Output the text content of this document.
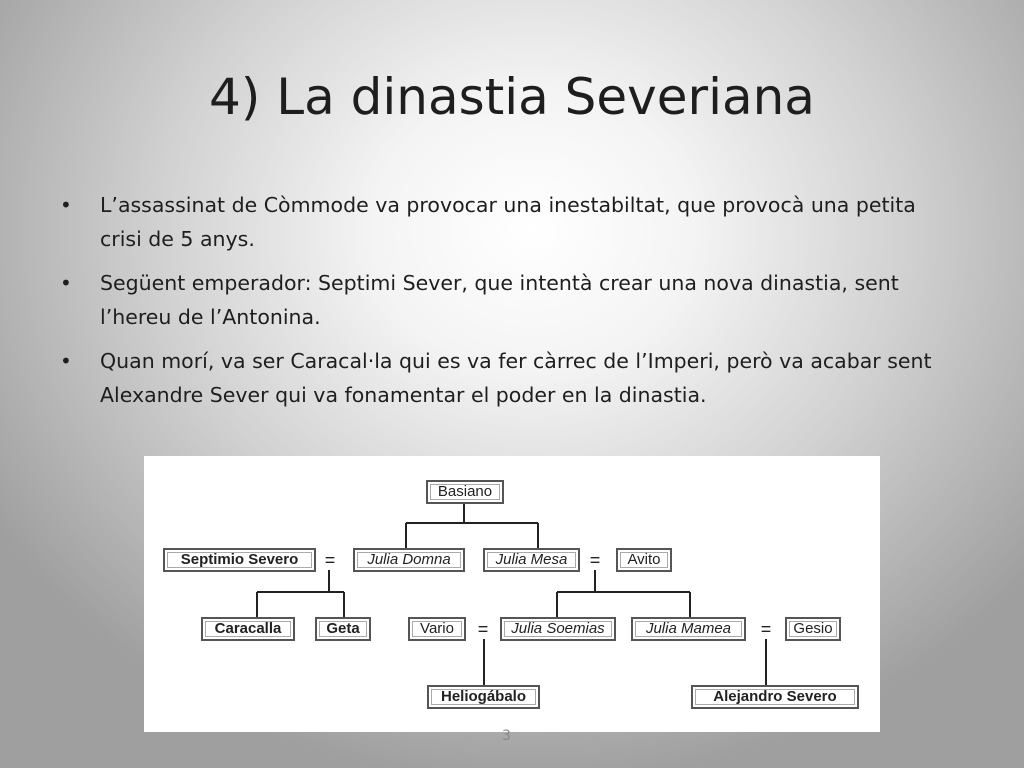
4) La dinastia Severiana
• L’assassinat de Còmmode va provocar una inestabiltat, que provocà una petita crisi de 5 anys.
• Següent emperador: Septimi Sever, que intentà crear una nova dinastia, sent l’hereu de l’Antonina.
• Quan morí, va ser Caracal·la qui es va fer càrrec de l’Imperi, però va acabar sent Alexandre Sever qui va fonamentar el poder en la dinastia.
Basiano
Septimio Severo	=	Julia Domna	Julia Mesa	=	Avito
Caracalla	Geta	Vario	=	Julia Soemias	Julia Mamea	=	Gesio
Heliogábalo	Alejandro Severo
3
